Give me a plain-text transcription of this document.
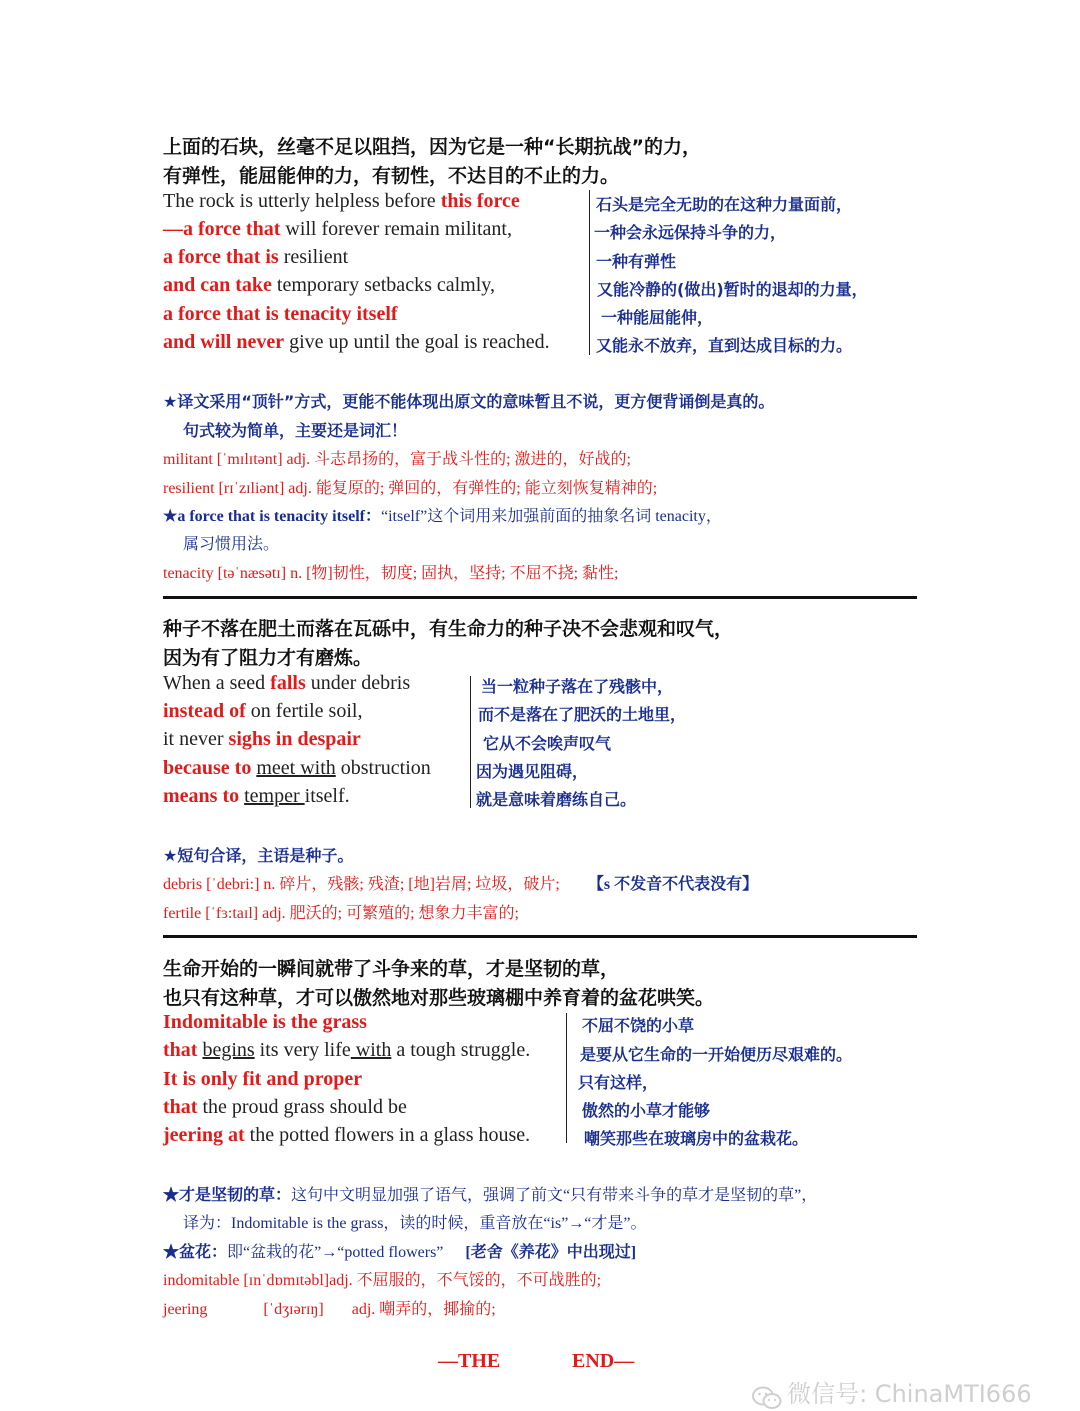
上面的石块，丝毫不足以阻挡，因为它是一种“长期抗战”的力，
有弹性，能屈能伸的力，有韧性，不达目的不止的力。
The rock is utterly helpless before this force
—a force that will forever remain militant,
a force that is resilient
and can take temporary setbacks calmly,
a force that is tenacity itself
and will never give up until the goal is reached.
石头是完全无助的在这种力量面前，
一种会永远保持斗争的力，
一种有弹性
又能冷静的(做出)暂时的退却的力量，
一种能屈能伸，
又能永不放弃，直到达成目标的力。
★译文采用“顶针”方式，更能不能体现出原文的意味暂且不说，更方便背诵倒是真的。
句式较为简单，主要还是词汇！
militant [ˈmɪlɪtənt] adj. 斗志昂扬的，富于战斗性的; 激进的，好战的;
resilient [rɪˈzɪliənt] adj. 能复原的; 弹回的，有弹性的; 能立刻恢复精神的;
★a force that is tenacity itself：“itself”这个词用来加强前面的抽象名词 tenacity，
属习惯用法。
tenacity [təˈnæsətɪ] n. [物]韧性，韧度; 固执，坚持; 不屈不挠; 黏性;
种子不落在肥土而落在瓦砾中，有生命力的种子决不会悲观和叹气，
因为有了阻力才有磨炼。
When a seed falls under debris
instead of on fertile soil,
it never sighs in despair
because to meet with obstruction
means to temper itself.
当一粒种子落在了残骸中，
而不是落在了肥沃的土地里，
它从不会唉声叹气
因为遇见阻碍，
就是意味着磨练自己。
★短句合译，主语是种子。
debris [ˈdebri:] n. 碎片，残骸; 残渣; [地]岩屑; 垃圾，破片; 【s 不发音不代表没有】
fertile [ˈfɜ:taɪl] adj. 肥沃的; 可繁殖的; 想象力丰富的;
生命开始的一瞬间就带了斗争来的草，才是坚韧的草，
也只有这种草，才可以傲然地对那些玻璃棚中养育着的盆花哄笑。
Indomitable is the grass
that begins its very life with a tough struggle.
It is only fit and proper
that the proud grass should be
jeering at the potted flowers in a glass house.
不屈不饶的小草
是要从它生命的一开始便历尽艰难的。
只有这样，
傲然的小草才能够
嘲笑那些在玻璃房中的盆栽花。
★才是坚韧的草：这句中文明显加强了语气，强调了前文“只有带来斗争的草才是坚韧的草”，
译为：Indomitable is the grass，读的时候，重音放在“is”→“才是”。
★盆花：即“盆栽的花”→“potted flowers” [老舍《养花》中出现过]
indomitable [ɪnˈdɒmɪtəbl]adj. 不屈服的，不气馁的，不可战胜的;
jeering	[ˈdʒɪərɪŋ] adj. 嘲弄的，揶揄的;
—THE	END—
微信号: ChinaMTI666
